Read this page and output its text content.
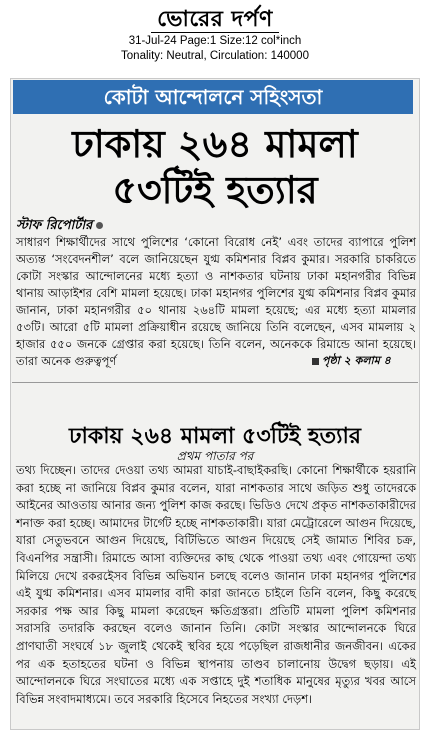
ভোরের দর্পণ
31-Jul-24 Page:1 Size:12 col*inch
Tonality: Neutral, Circulation: 140000
কোটা আন্দোলনে সহিংসতা
ঢাকায় ২৬৪ মামলা
৫৩টিই হত্যার
স্টাফ রিপোর্টার
সাধারণ শিক্ষার্থীদের সাথে পুলিশের ‘কোনো বিরোধ নেই’ এবং তাদের ব্যাপারে পুলিশ অত্যন্ত ‘সংবেদনশীল’ বলে জানিয়েছেন যুগ্ম কমিশনার বিপ্লব কুমার। সরকারি চাকরিতে কোটা সংস্কার আন্দোলনের মধ্যে হত্যা ও নাশকতার ঘটনায় ঢাকা মহানগরীর বিভিন্ন থানায় আড়াইশর বেশি মামলা হয়েছে। ঢাকা মহানগর পুলিশের যুগ্ম কমিশনার বিপ্লব কুমার জানান, ঢাকা মহানগরীর ৫০ থানায় ২৬৪টি মামলা হয়েছে; এর মধ্যে হত্যা মামলার ৫৩টি। আরো ৫টি মামলা প্রক্রিয়াধীন রয়েছে জানিয়ে তিনি বলেছেন, এসব মামলায় ২ হাজার ৫৫০ জনকে গ্রেপ্তার করা হয়েছে। তিনি বলেন, অনেককে রিমান্ডে আনা হয়েছে। তারা অনেক গুরুত্বপূর্ণ	পৃষ্ঠা ২ কলাম ৪
ঢাকায় ২৬৪ মামলা ৫৩টিই হত্যার
প্রথম পাতার পর
তথ্য দিচ্ছেন। তাদের দেওয়া তথ্য আমরা যাচাই-বাছাইকরছি। কোনো শিক্ষার্থীকে হয়রানি করা হচ্ছে না জানিয়ে বিপ্লব কুমার বলেন, যারা নাশকতার সাথে জড়িত শুধু তাদেরকে আইনের আওতায় আনার জন্য পুলিশ কাজ করছে। ভিডিও দেখে প্রকৃত নাশকতাকারীদের শনাক্ত করা হচ্ছে। আমাদের টার্গেট হচ্ছে নাশকতাকারী। যারা মেট্রোরেলে আগুন দিয়েছে, যারা সেতুভবনে আগুন দিয়েছে, বিটিভিতে আগুন দিয়েছে সেই জামাত শিবির চক্র, বিএনপির সন্ত্রাসী। রিমান্ডে আসা ব্যক্তিদের কাছ থেকে পাওয়া তথ্য এবং গোয়েন্দা তথ্য মিলিয়ে দেখে রকরইেসব বিভিন্ন অভিযান চলছে বলেও জানান ঢাকা মহানগর পুলিশের এই যুগ্ম কমিশনার। এসব মামলার বাদী কারা জানতে চাইলে তিনি বলেন, কিছু করেছে সরকার পক্ষ আর কিছু মামলা করেছেন ক্ষতিগ্রস্তরা। প্রতিটি মামলা পুলিশ কমিশনার সরাসরি তদারকি করছেন বলেও জানান তিনি। কোটা সংস্কার আন্দোলনকে ঘিরে প্রাণঘাতী সংঘর্ষে ১৮ জুলাই থেকেই স্থবির হয়ে পড়েছিল রাজধানীর জনজীবন। একের পর এক হতাহতের ঘটনা ও বিভিন্ন স্থাপনায় তাণ্ডব চালানোয় উদ্বেগ ছড়ায়। এই আন্দোলনকে ঘিরে সংঘাতের মধ্যে এক সপ্তাহে দুই শতাধিক মানুষের মৃত্যুর খবর আসে বিভিন্ন সংবাদমাধ্যমে। তবে সরকারি হিসেবে নিহতের সংখ্যা দেড়শ।
